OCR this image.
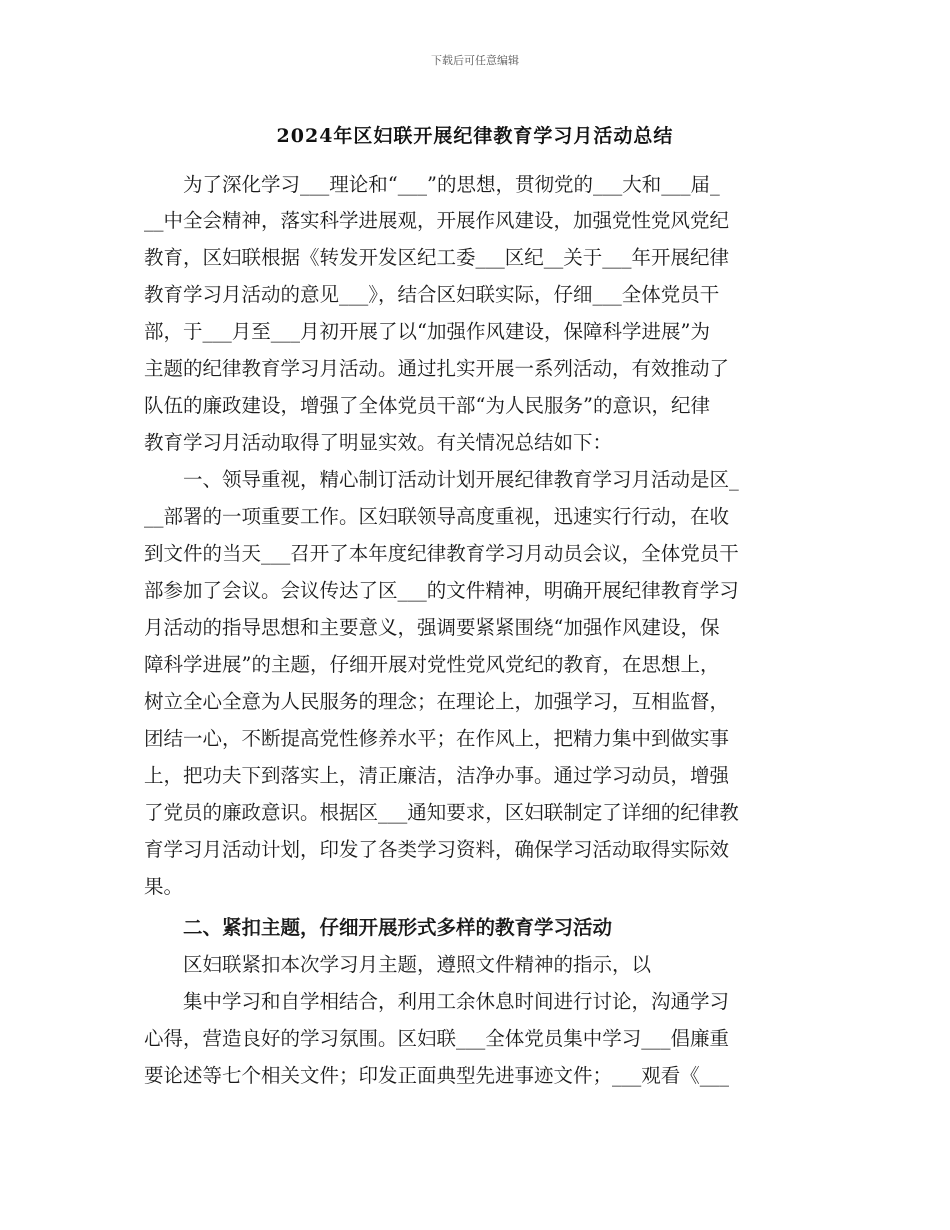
下载后可任意编辑
2024年区妇联开展纪律教育学习月活动总结
　　为了深化学习___理论和“___”的思想，贯彻党的___大和___届_
__中全会精神，落实科学进展观，开展作风建设，加强党性党风党纪
教育，区妇联根据《转发开发区纪工委___区纪__关于___年开展纪律
教育学习月活动的意见___》，结合区妇联实际，仔细___全体党员干
部，于___月至___月初开展了以“加强作风建设，保障科学进展”为
主题的纪律教育学习月活动。通过扎实开展一系列活动，有效推动了
队伍的廉政建设，增强了全体党员干部“为人民服务”的意识，纪律
教育学习月活动取得了明显实效。有关情况总结如下：
　　一、领导重视，精心制订活动计划开展纪律教育学习月活动是区_
__部署的一项重要工作。区妇联领导高度重视，迅速实行行动，在收
到文件的当天___召开了本年度纪律教育学习月动员会议，全体党员干
部参加了会议。会议传达了区___的文件精神，明确开展纪律教育学习
月活动的指导思想和主要意义，强调要紧紧围绕“加强作风建设，保
障科学进展”的主题，仔细开展对党性党风党纪的教育，在思想上，
树立全心全意为人民服务的理念；在理论上，加强学习，互相监督，
团结一心，不断提高党性修养水平；在作风上，把精力集中到做实事
上，把功夫下到落实上，清正廉洁，洁净办事。通过学习动员，增强
了党员的廉政意识。根据区___通知要求，区妇联制定了详细的纪律教
育学习月活动计划，印发了各类学习资料，确保学习活动取得实际效
果。
　　二、紧扣主题，仔细开展形式多样的教育学习活动
　　区妇联紧扣本次学习月主题，遵照文件精神的指示，以
　　集中学习和自学相结合，利用工余休息时间进行讨论，沟通学习
心得，营造良好的学习氛围。区妇联___全体党员集中学习___倡廉重
要论述等七个相关文件；印发正面典型先进事迹文件；___观看《___
